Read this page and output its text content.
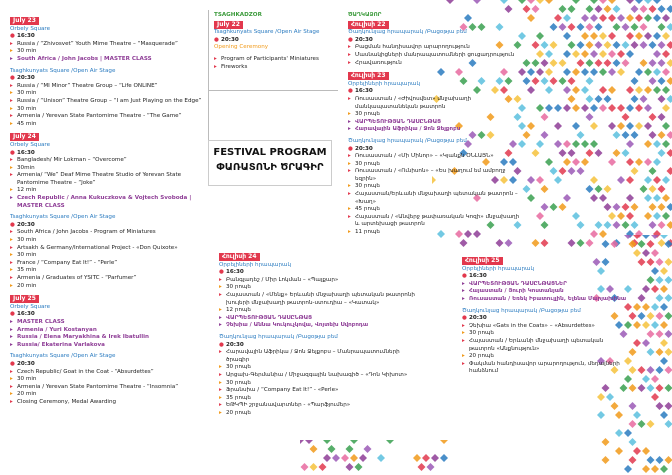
July 23
Orbely Square
● 16:30
▸ Russia / “Zhivosvet” Youth Mime Theatre – “Masquerade”
▸ 30 min
▸ South Africa / John Jacobs | MASTER CLASS
Tsaghkunyats Square /Open Air Stage
● 20:30
▸ Russia / “MI Minor” Theatre Group – “Life ONLINE”
▸ 30 min
▸ Russia / “Unison” Theatre Group – “I am Just Playing on the Edge”
▸ 30 min
▸ Armenia / Yerevan State Pantomime Theatre - “The Game”
▸ 45 min
July 24
Orbely Square
● 16:30
▸ Bangladesh/ Mir Lokman – “Overcome”
▸ 30min
▸ Armenia/ “We” Deaf Mime Theatre Studio of Yerevan State Pantomime Theatre – “Joke”
▸ 12 min
▸ Czech Republic / Anna Kukuczkova & Vojtech Svoboda | MASTER CLASS
Tsaghkunyats Square /Open Air Stage
● 20:30
▸ South Africa / John Jacobs - Program of Miniatures
▸ 30 min
▸ Artsakh & Germany/International Project - «Don Quixote»
▸ 30 min
▸ France / “Company Eat It!” - “Perle”
▸ 35 min
▸ Armenia / Graduates of YSITC - “Parfumer”
▸ 20 min
July 25
Orbely Square
● 16:30
▸ MASTER CLASS
▸ Armenia / Yuri Kostanyan
▸ Russia / Elena Maryakhina & Irek Ibatullin
▸ Russia/ Ekaterina Varlakova
Tsaghkunyats Square /Open Air Stage
● 20:30
▸ Czech Republic/ Goat in the Coat - “Absurdettes”
▸ 30 min
▸ Armenia / Yerevan State Pantomime Theatre - “Insomnia”
▸ 20 min
▸ Closing Ceremony, Medal Awarding
TSAGHKADZOR
July 22
Tsaghkunyats Square /Open Air Stage
● 20:30
Opening Ceremony
▸ Program of Participants' Miniatures
▸ Fireworks
FESTIVAL PROGRAM
ՓԱՌԱՏՈՆԻ ԾՐԱԳԻՐ
ԾԱՂԿԱՁՈՐ
Հուլիսի 22
Ծաղկունյաց հրապարակ /Բացօթյա բեմ
● 20:30
▸ Բացման հանդիսավոր արարողություն
▸ Մասնակիցների մանրապատումների ցուցադրություն
▸ Հրավառություն
Հուլիսի 23
Օրբելիների հրապարակ
● 16:30
▸ Ռուսաստան / «Ժիվոսվետ» մնջախաղի մանկապատանեկան թատրոն
▸ 30 րոպե
▸ ՎԱՐՊԵՏՈՒԹՅԱՆ ԴԱՍԸՆԹԱՑ
▸ Հարավային Աֆրիկա / Ջոն Ջեյքոբս
Ծաղկունյաց հրապարակ /Բացօթյա բեմ
● 20:30
▸ Ռուսաստան / «Մի Մինոր» – «Կյանքն ՕՆԼԱՅՆ»
▸ 30 րոպե
▸ Ռուսաստան / «Ունիսոն» – «Ես խաղում եմ ամբողջ եզրին»
▸ 30 րոպե
▸ Հայաստան/Երևանի մնջախաղի պետական թատրոն – «Խաղ»
▸ 45 րոպե
▸ Հայաստան / «Անվերջ թափառական Կոզի» մնջախաղի և արտեխացի թատրոն
▸ 11 րոպե
Հուլիսի 24
Օրբելիների հրապարակ
● 16:30
▸ Բանգլադեշ / Միր Լոկման – «Պայքար»
▸ 30 րոպե
▸ Հայաստան / «Մենք» Երևանի մնջախաղի պետական թատրոնի խուլերի մնջախաղի թատրոն-ստուդիա – «Կատակ»
▸ 12 րոպե
▸ ՎԱՐՊԵՏՈՒԹՅԱՆ ԴԱՍԸՆԹԱՑ
▸ Չեխիա / Աննա Կուկուչկովա, Վոյտեխ Սվոբոդա
Ծաղկունյաց հրապարակ /Բացօթյա բեմ
● 20:30
▸ Հարավային Աֆրիկա / Ջոն Ջեյքոբս – Մանրապատումների ծրագիր
▸ 30 րոպե
▸ Արցախ-Գերմանիա / Միջազգային նախագիծ – «Դոն Կիխոտ»
▸ 30 րոպե
▸ Ֆրանսիա / “Company Eat It!” - «Perle»
▸ 35 րոպե
▸ ԵԹԿՊԻ շրջանավարտներ - «Պարֆյումեր»
▸ 20 րոպե
Հուլիսի 25
Օրբելիների հրապարակ
● 16:30
▸ ՎԱՐՊԵՏՈՒԹՅԱՆ ԴԱՍԸՆԹԱՑՆԵՐ
▸ Հայաստան / Յուրի Կոստանյան
▸ Ռուսաստան / Եռեկ Իբատուլլին, Ելենա Մարյախինա
Ծաղկունյաց հրապարակ /Բացօթյա բեմ
● 20:30
▸ Չեխիա «Gats in the Coats» – «Absurdettes»
▸ 30 րոպե
▸ Հայաստան / Երևանի մնջախաղի պետական թատրոն «Անքնություն»
▸ 20 րոպե
▸ Փակման հանդիսավոր արարողություն, մեդալների հանձնում
